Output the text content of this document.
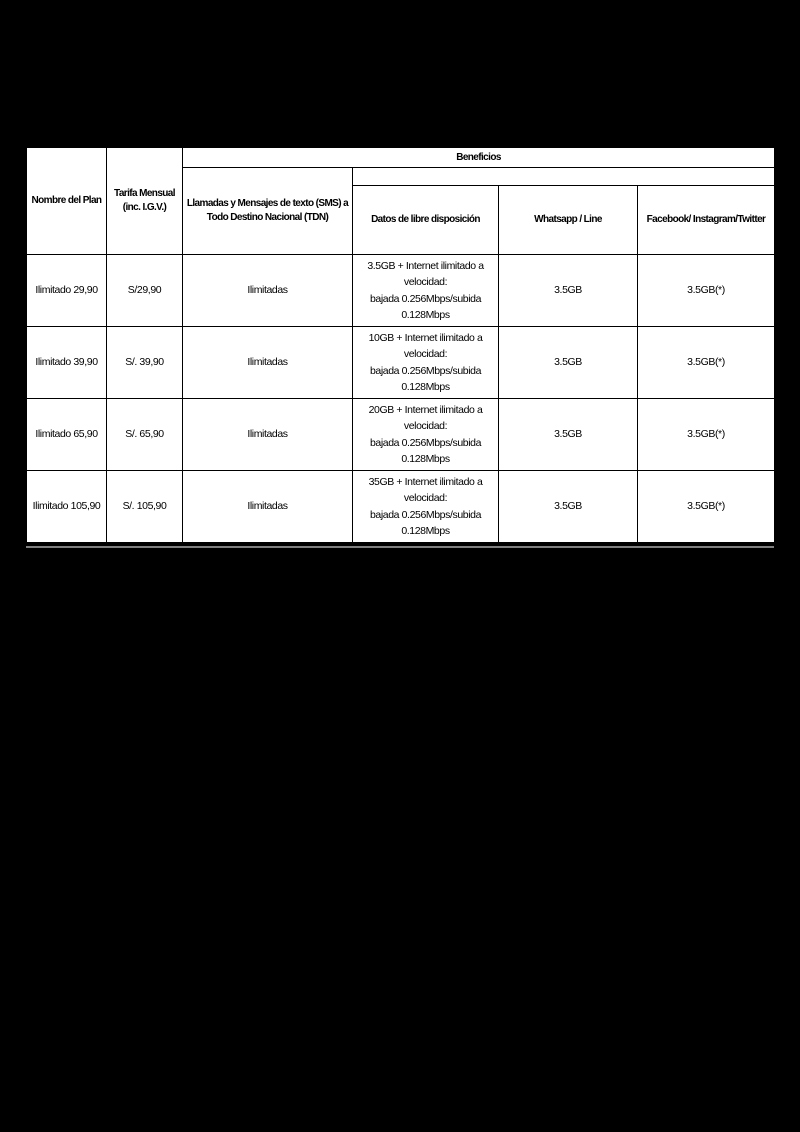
Nombre del Plan	Tarifa Mensual (inc. I.G.V.)	Beneficios			
		Llamadas y Mensajes de texto (SMS) a Todo Destino Nacional (TDN)			
			Datos de libre disposición	Whatsapp / Line	Facebook/ Instagram/Twitter
Ilimitado 29,90	S/29,90	Ilimitadas	3.5GB + Internet ilimitado a
velocidad:
bajada 0.256Mbps/subida
0.128Mbps	3.5GB	3.5GB(*)
Ilimitado 39,90	S/. 39,90	Ilimitadas	10GB + Internet ilimitado a
velocidad:
bajada 0.256Mbps/subida
0.128Mbps	3.5GB	3.5GB(*)
Ilimitado 65,90	S/. 65,90	Ilimitadas	20GB + Internet ilimitado a
velocidad:
bajada 0.256Mbps/subida
0.128Mbps	3.5GB	3.5GB(*)
Ilimitado 105,90	S/. 105,90	Ilimitadas	35GB + Internet ilimitado a
velocidad:
bajada 0.256Mbps/subida
0.128Mbps	3.5GB	3.5GB(*)
